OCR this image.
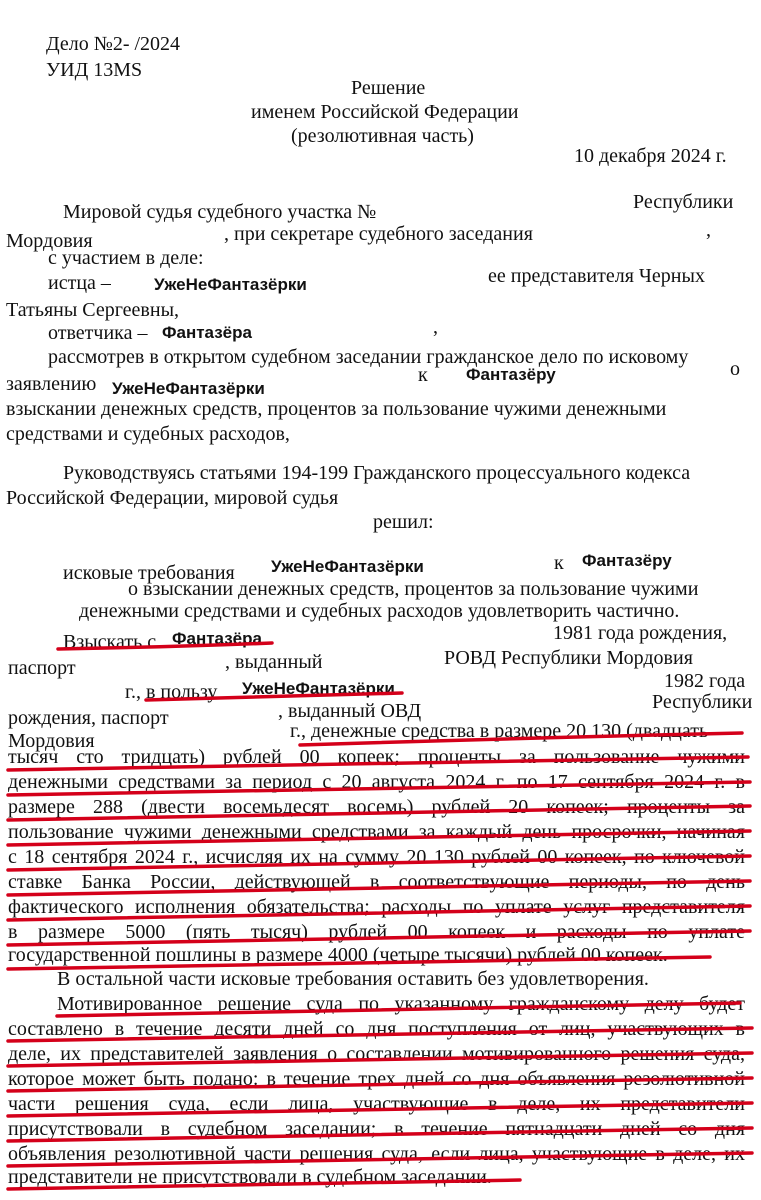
Дело №2- /2024
УИД 13MS
Решение
именем Российской Федерации
(резолютивная часть)
10 декабря 2024 г.
Мировой судья судебного участка №	Республики
Мордовия	, при секретаре судебного заседания	,
с участием в деле:
истца –	УжеНеФантазёрки	ее представителя Черных
Татьяны Сергеевны,
ответчика – Фантазёра	,
рассмотрев в открытом судебном заседании гражданское дело по исковому
заявлению УжеНеФантазёрки
к Фантазёру	о
взыскании денежных средств, процентов за пользование чужими денежными
средствами и судебных расходов,
Руководствуясь статьями 194-199 Гражданского процессуального кодекса
Российской Федерации, мировой судья
решил:
исковые требования УжеНеФантазёрки	к Фантазёру
о взыскании денежных средств, процентов за пользование чужими
денежными средствами и судебных расходов удовлетворить частично.
Взыскать с Фантазёра	1981 года рождения,
паспорт	, выданный	РОВД Республики Мордовия
1982 года
г., в пользу УжеНеФантазёрки
рождения, паспорт	, выданный ОВД	Республики
Мордовия	г., денежные средства в размере 20 130 (двадцать
тысяч сто тридцать) рублей 00 копеек; проценты за пользование чужими
денежными средствами за период с 20 августа 2024 г. по 17 сентября 2024 г. в
размере 288 (двести восемьдесят восемь) рублей 20 копеек; проценты за
пользование чужими денежными средствами за каждый день просрочки, начиная
с 18 сентября 2024 г., исчисляя их на сумму 20 130 рублей 00 копеек, по ключевой
ставке Банка России, действующей в соответствующие периоды, по день
фактического исполнения обязательства; расходы по уплате услуг представителя
в размере 5000 (пять тысяч) рублей 00 копеек и расходы по уплате
государственной пошлины в размере 4000 (четыре тысячи) рублей 00 копеек.
В остальной части исковые требования оставить без удовлетворения.
Мотивированное решение суда по указанному гражданскому делу будет
составлено в течение десяти дней со дня поступления от лиц, участвующих в
деле, их представителей заявления о составлении мотивированного решения суда,
которое может быть подано: в течение трех дней со дня объявления резолютивной
части решения суда, если лица, участвующие в деле, их представители
присутствовали в судебном заседании; в течение пятнадцати дней со дня
объявления резолютивной части решения суда, если лица, участвующие в деле, их
представители не присутствовали в судебном заседании.
